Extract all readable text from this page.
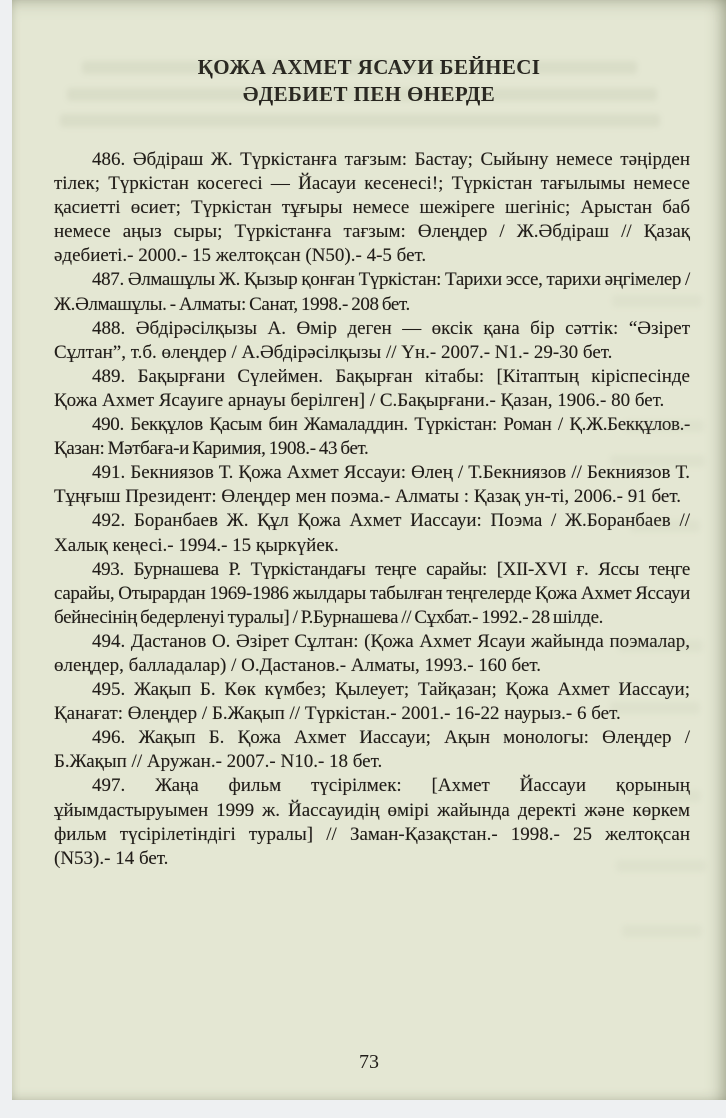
ҚОЖА АХМЕТ ЯСАУИ БЕЙНЕСІ
ӘДЕБИЕТ ПЕН ӨНЕРДЕ

486. Әбдіраш Ж. Түркістанға тағзым: Бастау; Сыйыну немесе тәңірден тілек; Түркістан косегесі — Йасауи кесенесі!; Түркістан тағылымы немесе қасиетті өсиет; Түркістан тұғыры немесе шежіреге шегініс; Арыстан баб немесе аңыз сыры; Түркістанға тағзым: Өлеңдер / Ж.Әбдіраш // Қазақ әдебиеті.- 2000.- 15 желтоқсан (N50).- 4-5 бет.

487. Әлмашұлы Ж. Қызыр қонған Түркістан: Тарихи эссе, тарихи әңгімелер / Ж.Әлмашұлы. - Алматы: Санат, 1998.- 208 бет.

488. Әбдірәсілқызы А. Өмір деген — өксік қана бір сәттік: “Әзірет Сұлтан”, т.б. өлеңдер / А.Әбдірәсілқызы // Үн.- 2007.- N1.- 29-30 бет.

489. Бақырғани Сүлеймен. Бақырған кітабы: [Кітаптың кіріспесінде Қожа Ахмет Ясауиге арнауы берілген] / С.Бақырғани.- Қазан, 1906.- 80 бет.

490. Бекқұлов Қасым бин Жамаладдин. Түркістан: Роман / Қ.Ж.Бекқұлов.- Қазан: Мәтбаға-и Каримия, 1908.- 43 бет.

491. Бекниязов Т. Қожа Ахмет Яссауи: Өлең / Т.Бекниязов // Бекниязов Т. Тұңғыш Президент: Өлеңдер мен поэма.- Алматы : Қазақ ун-ті, 2006.- 91 бет.

492. Боранбаев Ж. Құл Қожа Ахмет Иассауи: Поэма / Ж.Боранбаев // Халық кеңесі.- 1994.- 15 қыркүйек.

493. Бурнашева Р. Түркістандағы теңге сарайы: [XII-XVI ғ. Яссы теңге сарайы, Отырардан 1969-1986 жылдары табылған теңгелерде Қожа Ахмет Яссауи бейнесінің бедерленуі туралы] / Р.Бурнашева // Сұхбат.- 1992.- 28 шілде.

494. Дастанов О. Әзірет Сұлтан: (Қожа Ахмет Ясауи жайында поэмалар, өлеңдер, балладалар) / О.Дастанов.- Алматы, 1993.- 160 бет.

495. Жақып Б. Көк күмбез; Қылеует; Тайқазан; Қожа Ахмет Иассауи; Қанағат: Өлеңдер / Б.Жақып // Түркістан.- 2001.- 16-22 наурыз.- 6 бет.

496. Жақып Б. Қожа Ахмет Иассауи; Ақын монологы: Өлеңдер / Б.Жақып // Аружан.- 2007.- N10.- 18 бет.

497. Жаңа фильм түсірілмек: [Ахмет Йассауи қорының ұйымдастыруымен 1999 ж. Йассауидің өмірі жайында деректі және көркем фильм түсірілетіндігі туралы] // Заман-Қазақстан.- 1998.- 25 желтоқсан (N53).- 14 бет.

73
